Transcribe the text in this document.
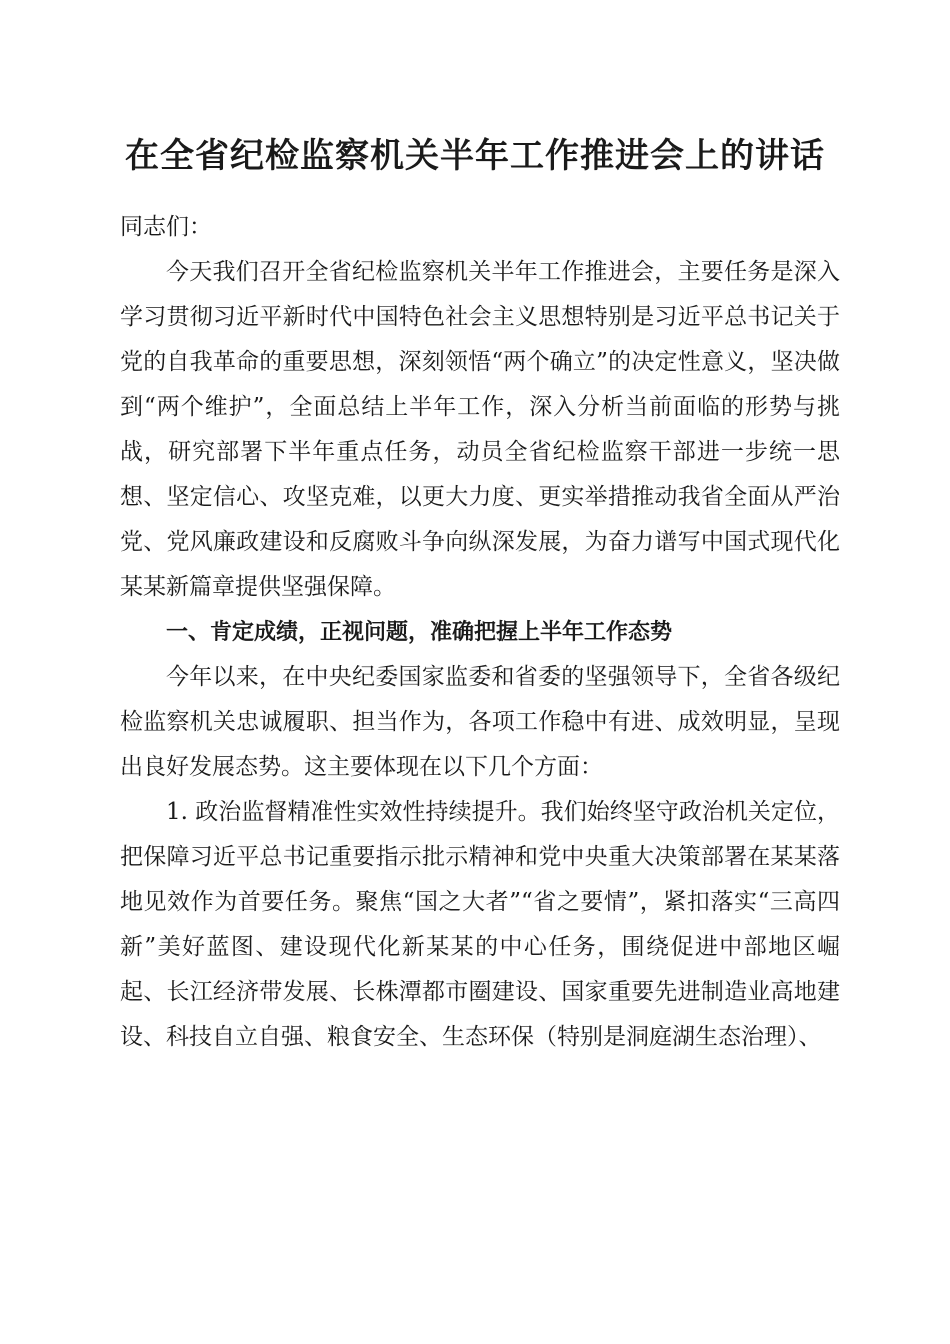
在全省纪检监察机关半年工作推进会上的讲话
同志们：

今天我们召开全省纪检监察机关半年工作推进会，主要任务是深入学习贯彻习近平新时代中国特色社会主义思想特别是习近平总书记关于党的自我革命的重要思想，深刻领悟“两个确立”的决定性意义，坚决做到“两个维护”，全面总结上半年工作，深入分析当前面临的形势与挑战，研究部署下半年重点任务，动员全省纪检监察干部进一步统一思想、坚定信心、攻坚克难，以更大力度、更实举措推动我省全面从严治党、党风廉政建设和反腐败斗争向纵深发展，为奋力谱写中国式现代化某某新篇章提供坚强保障。

一、肯定成绩，正视问题，准确把握上半年工作态势

今年以来，在中央纪委国家监委和省委的坚强领导下，全省各级纪检监察机关忠诚履职、担当作为，各项工作稳中有进、成效明显，呈现出良好发展态势。这主要体现在以下几个方面：

1. 政治监督精准性实效性持续提升。我们始终坚守政治机关定位，把保障习近平总书记重要指示批示精神和党中央重大决策部署在某某落地见效作为首要任务。聚焦“国之大者”“省之要情”，紧扣落实“三高四新”美好蓝图、建设现代化新某某的中心任务，围绕促进中部地区崛起、长江经济带发展、长株潭都市圈建设、国家重要先进制造业高地建设、科技自立自强、粮食安全、生态环保（特别是洞庭湖生态治理）、
